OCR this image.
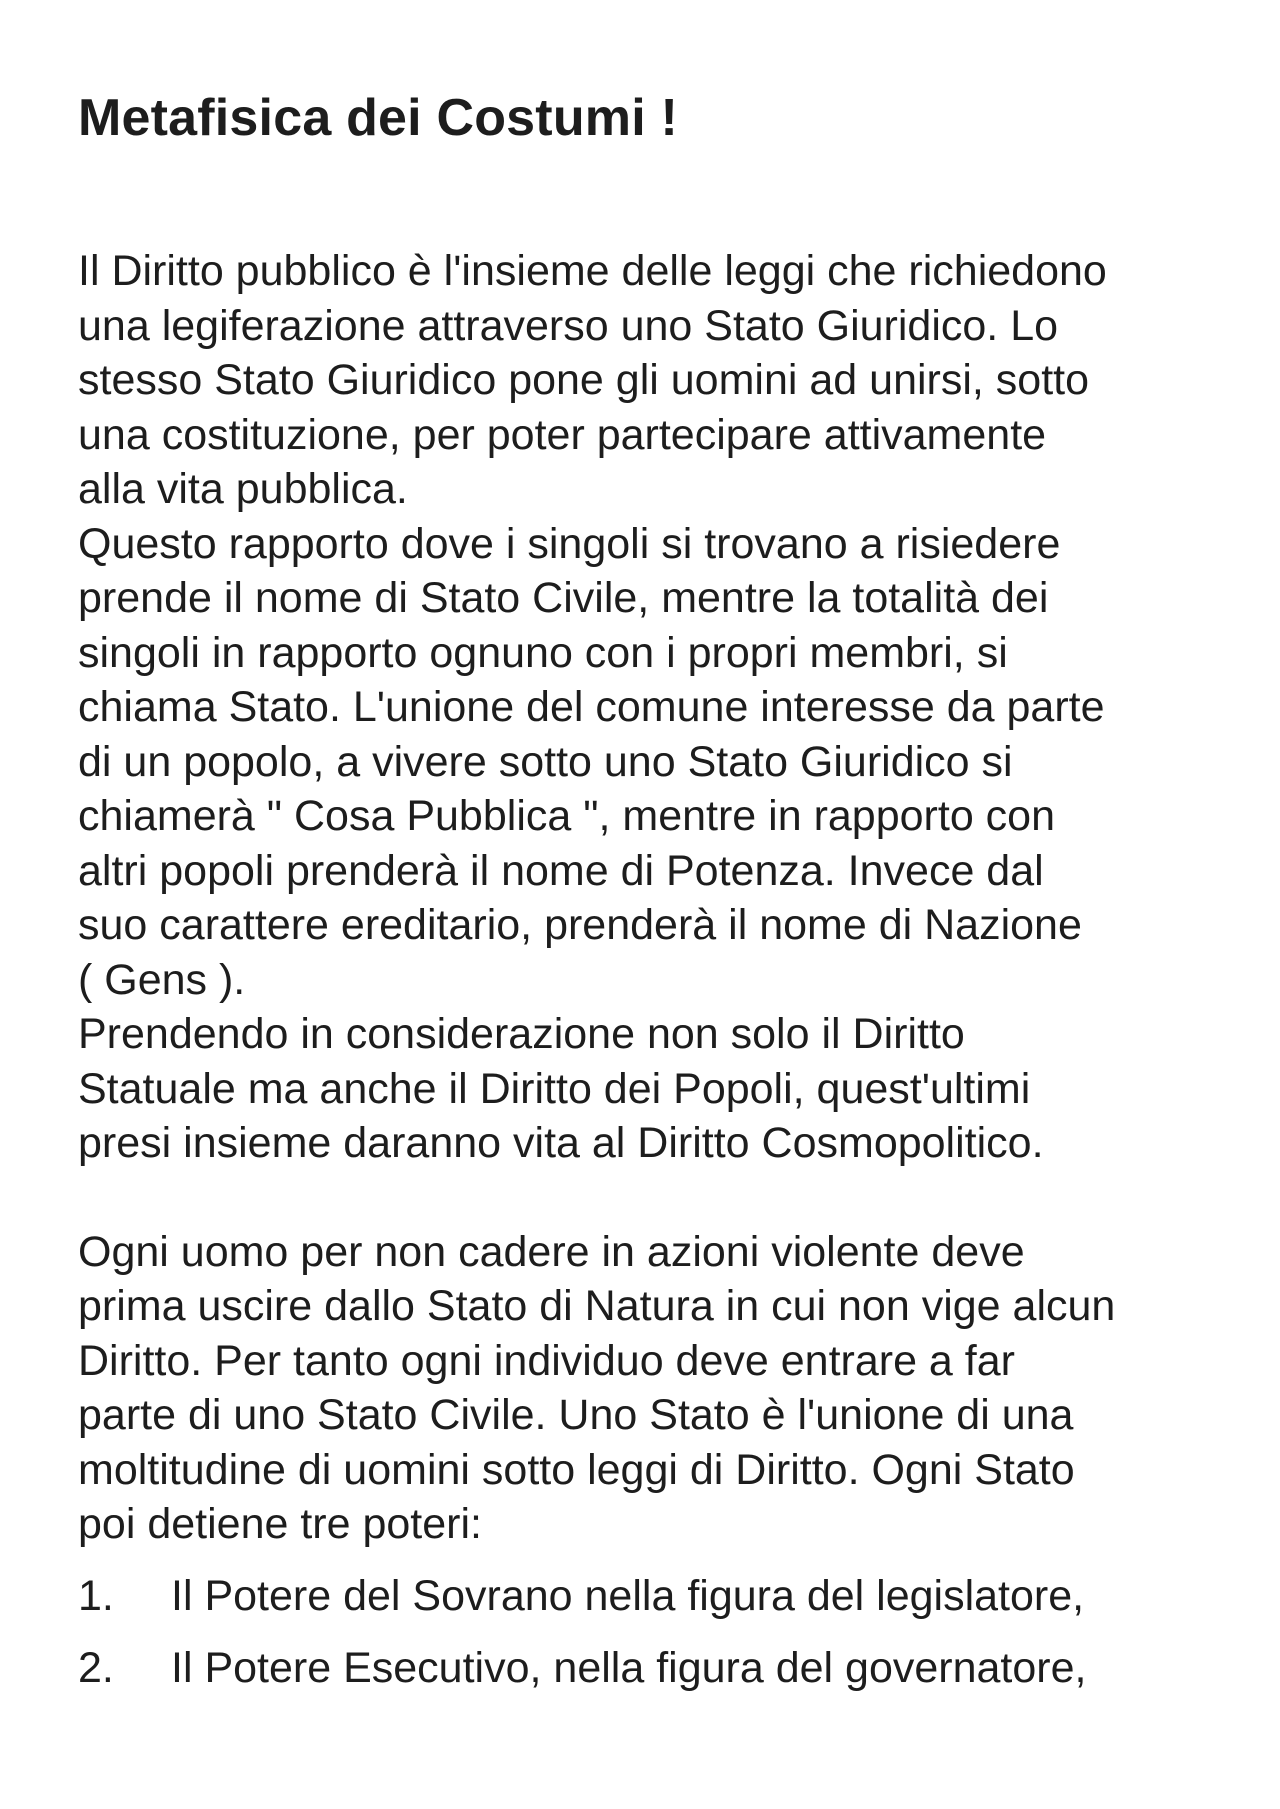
Metafisica dei Costumi !

Il Diritto pubblico è l'insieme delle leggi che richiedono
una legiferazione attraverso uno Stato Giuridico. Lo
stesso Stato Giuridico pone gli uomini ad unirsi, sotto
una costituzione, per poter partecipare attivamente
alla vita pubblica.
Questo rapporto dove i singoli si trovano a risiedere
prende il nome di Stato Civile, mentre la totalità dei
singoli in rapporto ognuno con i propri membri, si
chiama Stato. L'unione del comune interesse da parte
di un popolo, a vivere sotto uno Stato Giuridico si
chiamerà " Cosa Pubblica ", mentre in rapporto con
altri popoli prenderà il nome di Potenza. Invece dal
suo carattere ereditario, prenderà il nome di Nazione
( Gens ).
Prendendo in considerazione non solo il Diritto
Statuale ma anche il Diritto dei Popoli, quest'ultimi
presi insieme daranno vita al Diritto Cosmopolitico.

Ogni uomo per non cadere in azioni violente deve
prima uscire dallo Stato di Natura in cui non vige alcun
Diritto. Per tanto ogni individuo deve entrare a far
parte di uno Stato Civile. Uno Stato è l'unione di una
moltitudine di uomini sotto leggi di Diritto. Ogni Stato
poi detiene tre poteri:

1.	Il Potere del Sovrano nella figura del legislatore,
2.	Il Potere Esecutivo, nella figura del governatore,
